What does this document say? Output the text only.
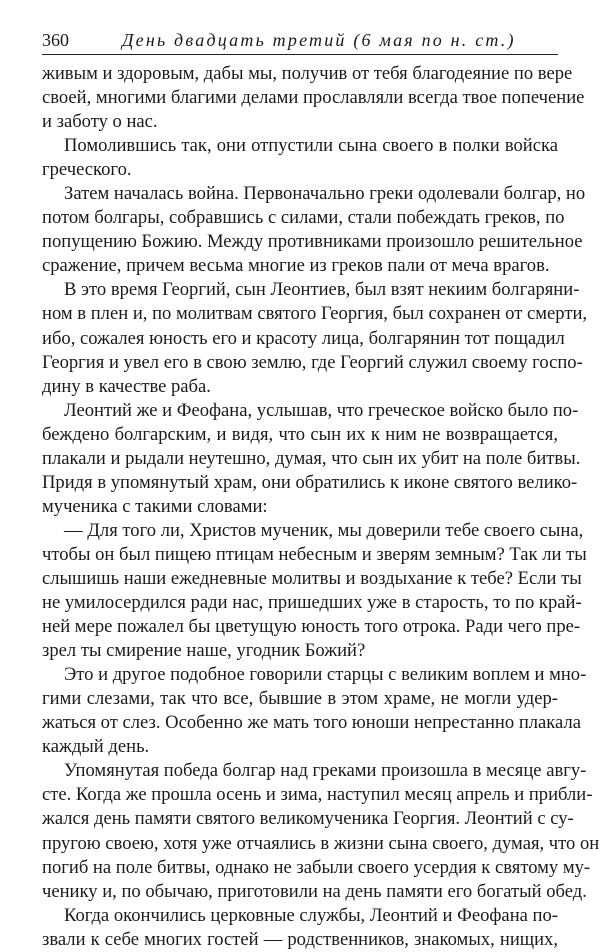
360	День двадцать третий (6 мая по н. ст.)
живым и здоровым, дабы мы, получив от тебя благодеяние по вере
своей, многими благими делами прославляли всегда твое попечение
и заботу о нас.
Помолившись так, они отпустили сына своего в полки войска
греческого.
Затем началась война. Первоначально греки одолевали болгар, но
потом болгары, собравшись с силами, стали побеждать греков, по
попущению Божию. Между противниками произошло решительное
сражение, причем весьма многие из греков пали от меча врагов.
В это время Георгий, сын Леонтиев, был взят некиим болгаряни-
ном в плен и, по молитвам святого Георгия, был сохранен от смерти,
ибо, сожалея юность его и красоту лица, болгарянин тот пощадил
Георгия и увел его в свою землю, где Георгий служил своему госпо-
дину в качестве раба.
Леонтий же и Феофана, услышав, что греческое войско было по-
беждено болгарским, и видя, что сын их к ним не возвращается,
плакали и рыдали неутешно, думая, что сын их убит на поле битвы.
Придя в упомянутый храм, они обратились к иконе святого велико-
мученика с такими словами:
— Для того ли, Христов мученик, мы доверили тебе своего сына,
чтобы он был пищею птицам небесным и зверям земным? Так ли ты
слышишь наши ежедневные молитвы и воздыхание к тебе? Если ты
не умилосердился ради нас, пришедших уже в старость, то по край-
ней мере пожалел бы цветущую юность того отрока. Ради чего пре-
зрел ты смирение наше, угодник Божий?
Это и другое подобное говорили старцы с великим воплем и мно-
гими слезами, так что все, бывшие в этом храме, не могли удер-
жаться от слез. Особенно же мать того юноши непрестанно плакала
каждый день.
Упомянутая победа болгар над греками произошла в месяце авгу-
сте. Когда же прошла осень и зима, наступил месяц апрель и прибли-
жался день памяти святого великомученика Георгия. Леонтий с су-
пругою своею, хотя уже отчаялись в жизни сына своего, думая, что он
погиб на поле битвы, однако не забыли своего усердия к святому му-
ченику и, по обычаю, приготовили на день памяти его богатый обед.
Когда окончились церковные службы, Леонтий и Феофана по-
звали к себе многих гостей — родственников, знакомых, нищих,
